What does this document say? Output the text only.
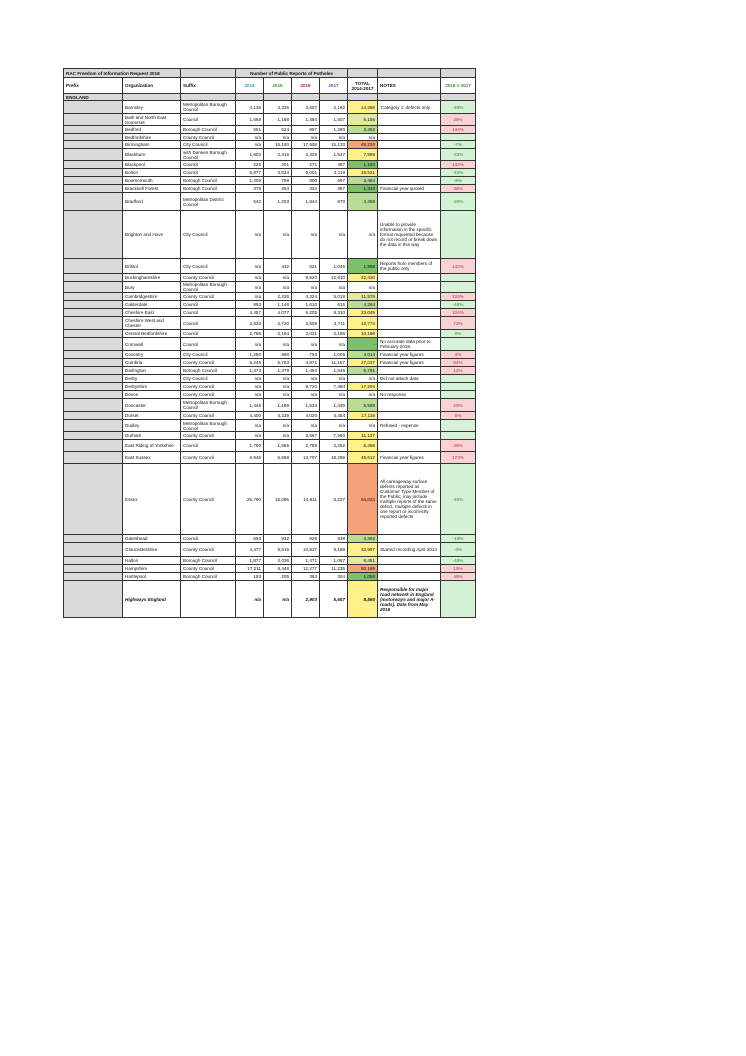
RAC Freedom of Information Request 2018			Number of Public Reports of Potholes						
Prefix	Organization	Suffix	2014	2015	2016	2017	TOTAL 2014-2017	NOTES	2015 v 2017
ENGLAND									
	Barnsley	Metropolitan Borough Council	4,135	4,335	3,607	2,192	14,269	'Category 1' defects only	-49%
	Bath and North East Somerset	Council	1,669	1,166	1,494	1,507	6,156		29%
	Bedford	Borough Council	651	524	997	1,280	3,452		144%
	Bedfordshire	County Council	n/a	n/a	n/a	n/a	n/a		
	Birmingham	City Council	n/a	16,193	17,908	15,133	49,234		-7%
	Blackburn	with Darwen Borough Council	1,804	2,315	2,329	1,547	7,995		-33%
	Blackpool	Council	225	201	271	487	1,184		142%
	Bolton	Council	6,877	3,534	6,001	2,119	18,531		-40%
	Bournemouth	Borough Council	1,209	759	800	697	3,464		-8%
	Bracknell Forest	Borough Council	378	264	334	367	1,343	Financial year quoted	39%
	Bradford	Metropolitan District Council	542	1,203	1,844	870	4,459		-28%
	Brighton and Hove	City Council	n/a	n/a	n/a	n/a	n/a	Unable to provide information in the specific format requested because do not record or break down the data in this way	
	Bristol	City Council	n/a	432	521	1,045	1,998	Reports from members of the public only	142%
	Buckinghamshire	County Council	n/a	n/a	9,520	12,910	22,430		
	Bury	Metropolitan Borough Council	n/a	n/a	n/a	n/a	n/a		
	Cambridgeshire	County Council	n/a	2,236	4,324	5,018	11,578		124%
	Calderdale	Council	893	1,146	1,610	615	4,264		-46%
	Cheshire East	Council	4,457	4,077	6,205	8,310	23,049		104%
	Cheshire West and Chester	Council	2,833	2,720	3,509	4,711	13,773		73%
	Central Bedfordshire	Council	2,785	2,194	3,031	2,186	10,196		0%
	Cornwall	Council	n/a	n/a	n/a	n/a	-	No accurate data prior to February 2018.	
	Coventry	City Council	1,250	966	793	1,005	4,014	Financial year figures	4%
	Cumbria	County Council	5,246	5,763	4,871	11,157	27,037	Financial year figures	94%
	Darlington	Borough Council	1,373	1,379	1,494	1,545	5,791		12%
	Derby	City Council	n/a	n/a	n/a	n/a	n/a	Did not attach data	
	Derbyshire	County Council	n/a	n/a	9,720	7,484	17,204		
	Devon	County Council	n/a	n/a	n/a	n/a	n/a	No response	
	Doncaster	Metropolitan Borough Council	1,446	1,189	1,534	1,430	5,599		20%
	Dorset	County Council	4,400	4,239	4,026	4,454	17,119		5%
	Dudley	Metropolitan Borough Council	n/a	n/a	n/a	n/a	n/a	Refused - expense	
	Durham	County Council	n/a	n/a	3,567	7,560	11,127		
	East Riding of Yorkshire	Council	1,790	1,665	2,789	2,252	8,496		35%
	East Sussex	County Council	6,946	6,698	13,707	18,259	45,612	Financial year figures	173%
	Essex	County Council	25,790	15,085	14,911	8,237	64,023	All carriageway surface defects reported as Customer Type Member of the Public; may include multiple reports of the same defect, multiple defects in one report or incorrectly reported defects	-45%
	Gateshead	Council	693	932	928	839	3,392		-10%
	Gloucestershire	County Council	4,477	9,515	10,817	9,188	33,997	Started recording April 2014	-3%
	Halton	Borough Council	1,877	2,036	1,471	1,067	6,451		-48%
	Hampshire	County Council	17,211	9,446	12,277	11,235	50,169		19%
	Hartlepool	Borough Council	183	205	364	304	1,056		48%
	Highways England		n/a	n/a	2,903	5,657	8,560	Responsible for major road network in England (motorways and major A-roads). Data from May 2016	
